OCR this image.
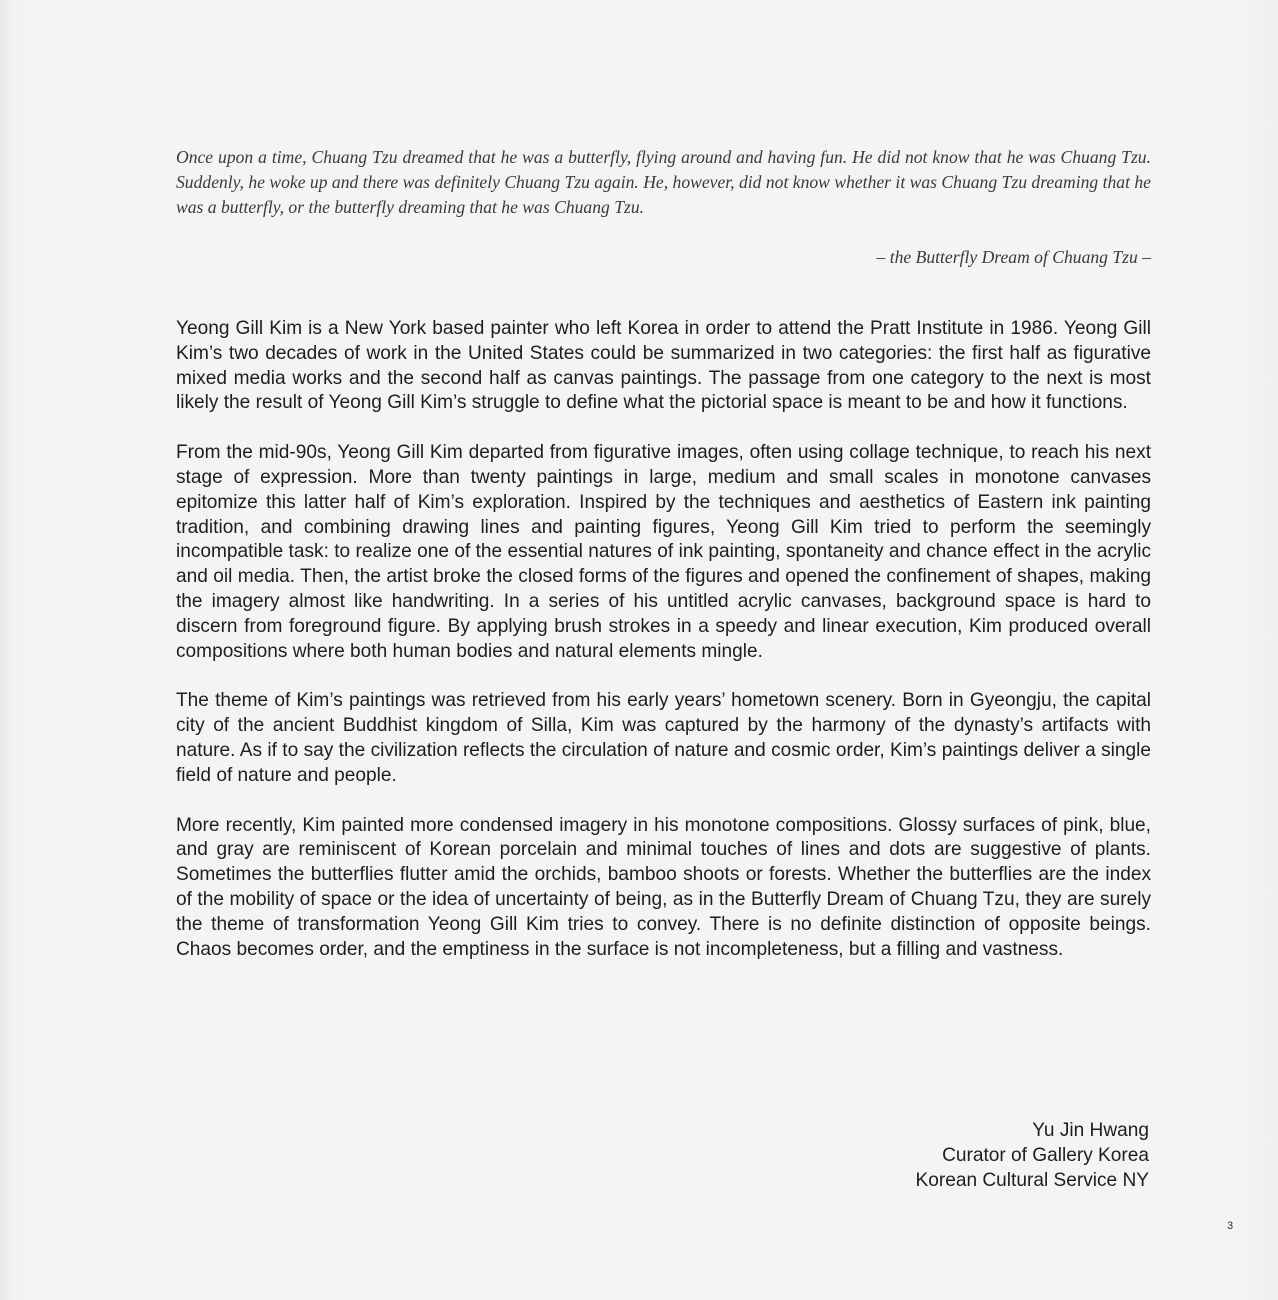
Once upon a time, Chuang Tzu dreamed that he was a butterfly, flying around and having fun. He did not know that he was Chuang Tzu. Suddenly, he woke up and there was definitely Chuang Tzu again. He, however, did not know whether it was Chuang Tzu dreaming that he was a butterfly, or the butterfly dreaming that he was Chuang Tzu.

– the Butterfly Dream of Chuang Tzu –

Yeong Gill Kim is a New York based painter who left Korea in order to attend the Pratt Institute in 1986. Yeong Gill Kim’s two decades of work in the United States could be summarized in two categories: the first half as figurative mixed media works and the second half as canvas paintings. The passage from one category to the next is most likely the result of Yeong Gill Kim’s struggle to define what the pictorial space is meant to be and how it functions.

From the mid-90s, Yeong Gill Kim departed from figurative images, often using collage technique, to reach his next stage of expression. More than twenty paintings in large, medium and small scales in monotone canvases epitomize this latter half of Kim’s exploration. Inspired by the techniques and aesthetics of Eastern ink painting tradition, and combining drawing lines and painting figures, Yeong Gill Kim tried to perform the seemingly incompatible task: to realize one of the essential natures of ink painting, spontaneity and chance effect in the acrylic and oil media. Then, the artist broke the closed forms of the figures and opened the confinement of shapes, making the imagery almost like handwriting. In a series of his untitled acrylic canvases, background space is hard to discern from foreground figure. By applying brush strokes in a speedy and linear execution, Kim produced overall compositions where both human bodies and natural elements mingle.

The theme of Kim’s paintings was retrieved from his early years’ hometown scenery. Born in Gyeongju, the capital city of the ancient Buddhist kingdom of Silla, Kim was captured by the harmony of the dynasty’s artifacts with nature. As if to say the civilization reflects the circulation of nature and cosmic order, Kim’s paintings deliver a single field of nature and people.

More recently, Kim painted more condensed imagery in his monotone compositions. Glossy surfaces of pink, blue, and gray are reminiscent of Korean porcelain and minimal touches of lines and dots are suggestive of plants. Sometimes the butterflies flutter amid the orchids, bamboo shoots or forests. Whether the butterflies are the index of the mobility of space or the idea of uncertainty of being, as in the Butterfly Dream of Chuang Tzu, they are surely the theme of transformation Yeong Gill Kim tries to convey. There is no definite distinction of opposite beings. Chaos becomes order, and the emptiness in the surface is not incompleteness, but a filling and vastness.

Yu Jin Hwang
Curator of Gallery Korea
Korean Cultural Service NY
3
